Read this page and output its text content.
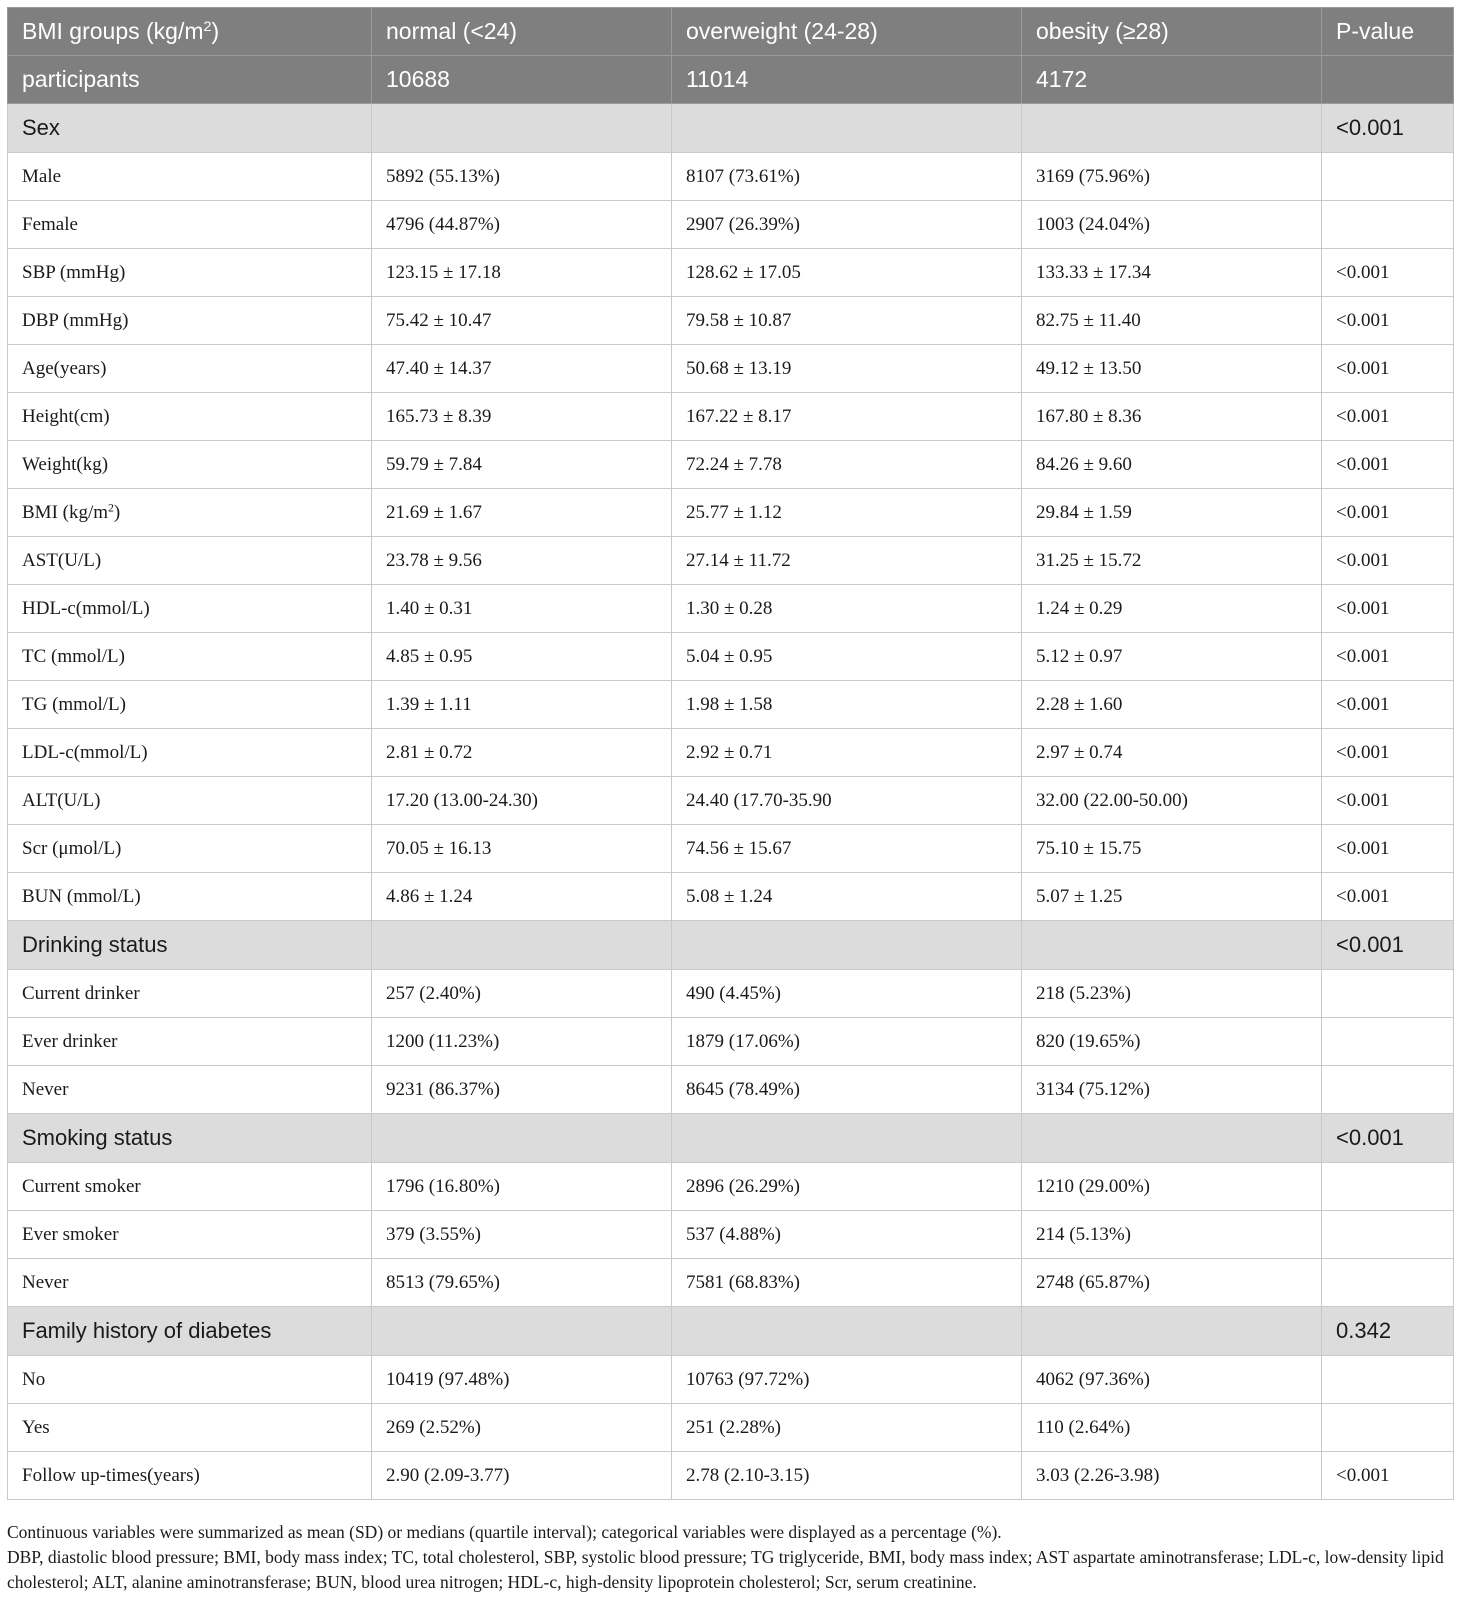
BMI groups $(kg/m^2)$	normal (<24)	overweight (24-28)	obesity (≥28)	P-value
participants	10688	11014	4172	
Sex				<0.001
Male	5892 (55.13%)	8107 (73.61%)	3169 (75.96%)	
Female	4796 (44.87%)	2907 (26.39%)	1003 (24.04%)	
SBP (mmHg)	123.15 ± 17.18	128.62 ± 17.05	133.33 ± 17.34	<0.001
DBP (mmHg)	75.42 ± 10.47	79.58 ± 10.87	82.75 ± 11.40	<0.001
Age(years)	47.40 ± 14.37	50.68 ± 13.19	49.12 ± 13.50	<0.001
Height(cm)	165.73 ± 8.39	167.22 ± 8.17	167.80 ± 8.36	<0.001
Weight(kg)	59.79 ± 7.84	72.24 ± 7.78	84.26 ± 9.60	<0.001
BMI $(kg/m^2)$	21.69 ± 1.67	25.77 ± 1.12	29.84 ± 1.59	<0.001
AST(U/L)	23.78 ± 9.56	27.14 ± 11.72	31.25 ± 15.72	<0.001
HDL-c(mmol/L)	1.40 ± 0.31	1.30 ± 0.28	1.24 ± 0.29	<0.001
TC (mmol/L)	4.85 ± 0.95	5.04 ± 0.95	5.12 ± 0.97	<0.001
TG (mmol/L)	1.39 ± 1.11	1.98 ± 1.58	2.28 ± 1.60	<0.001
LDL-c(mmol/L)	2.81 ± 0.72	2.92 ± 0.71	2.97 ± 0.74	<0.001
ALT(U/L)	17.20 (13.00-24.30)	24.40 (17.70-35.90	32.00 (22.00-50.00)	<0.001
Scr (μmol/L)	70.05 ± 16.13	74.56 ± 15.67	75.10 ± 15.75	<0.001
BUN (mmol/L)	4.86 ± 1.24	5.08 ± 1.24	5.07 ± 1.25	<0.001
Drinking status				<0.001
Current drinker	257 (2.40%)	490 (4.45%)	218 (5.23%)	
Ever drinker	1200 (11.23%)	1879 (17.06%)	820 (19.65%)	
Never	9231 (86.37%)	8645 (78.49%)	3134 (75.12%)	
Smoking status				<0.001
Current smoker	1796 (16.80%)	2896 (26.29%)	1210 (29.00%)	
Ever smoker	379 (3.55%)	537 (4.88%)	214 (5.13%)	
Never	8513 (79.65%)	7581 (68.83%)	2748 (65.87%)	
Family history of diabetes				0.342
No	10419 (97.48%)	10763 (97.72%)	4062 (97.36%)	
Yes	269 (2.52%)	251 (2.28%)	110 (2.64%)	
Follow up-times(years)	2.90 (2.09-3.77)	2.78 (2.10-3.15)	3.03 (2.26-3.98)	<0.001

Continuous variables were summarized as mean (SD) or medians (quartile interval); categorical variables were displayed as a percentage (%).

DBP, diastolic blood pressure; BMI, body mass index; TC, total cholesterol, SBP, systolic blood pressure; TG triglyceride, BMI, body mass index; AST aspartate aminotransferase; LDL-c, low-density lipid cholesterol; ALT, alanine aminotransferase; BUN, blood urea nitrogen; HDL-c, high-density lipoprotein cholesterol; Scr, serum creatinine.
